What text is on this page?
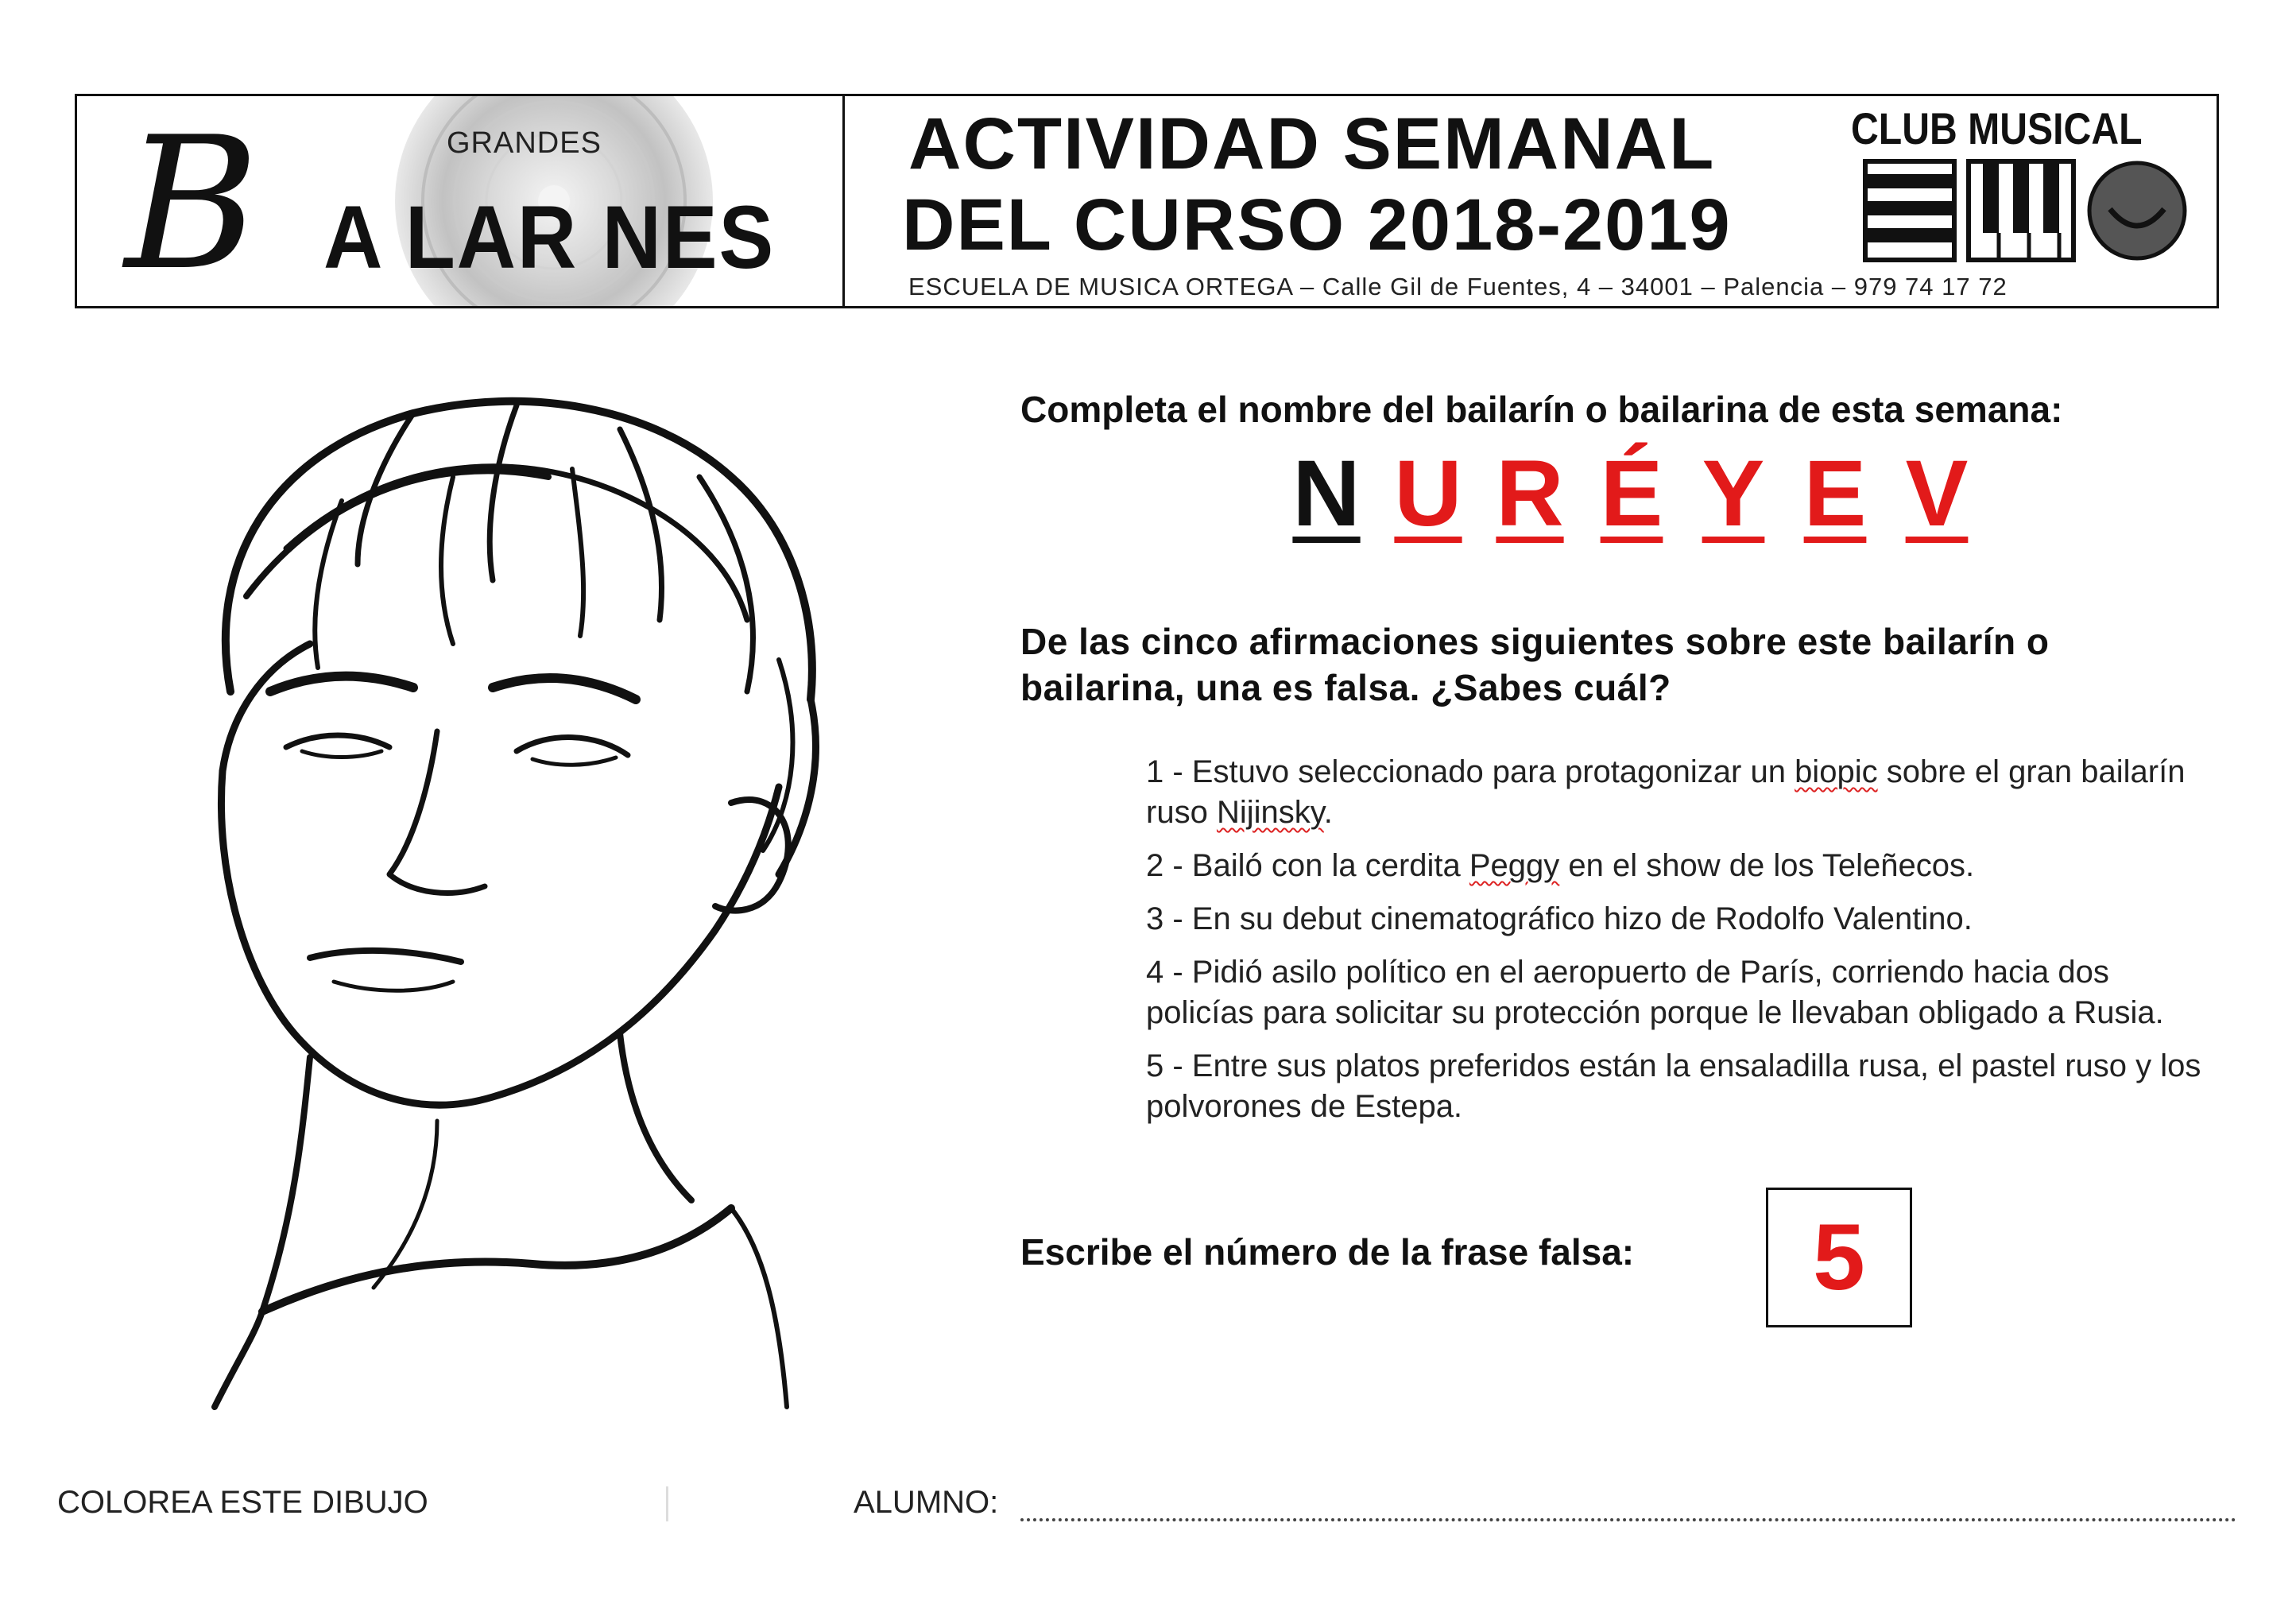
B	GRANDES
A LAR NES
ACTIVIDAD SEMANAL
DEL CURSO 2018-2019
ESCUELA DE MUSICA ORTEGA – Calle Gil de Fuentes, 4 – 34001 – Palencia – 979 74 17 72
CLUB MUSICAL
Completa el nombre del bailarín o bailarina de esta semana:
N U R É Y E V
De las cinco afirmaciones siguientes sobre este bailarín o bailarina, una es falsa. ¿Sabes cuál?
1 - Estuvo seleccionado para protagonizar un biopic sobre el gran bailarín ruso Nijinsky.
2 - Bailó con la cerdita Peggy en el show de los Teleñecos.
3 - En su debut cinematográfico hizo de Rodolfo Valentino.
4 - Pidió asilo político en el aeropuerto de París, corriendo hacia dos policías para solicitar su protección porque le llevaban obligado a Rusia.
5 - Entre sus platos preferidos están la ensaladilla rusa, el pastel ruso y los polvorones de Estepa.
Escribe el número de la frase falsa:	5
COLOREA ESTE DIBUJO	ALUMNO:
